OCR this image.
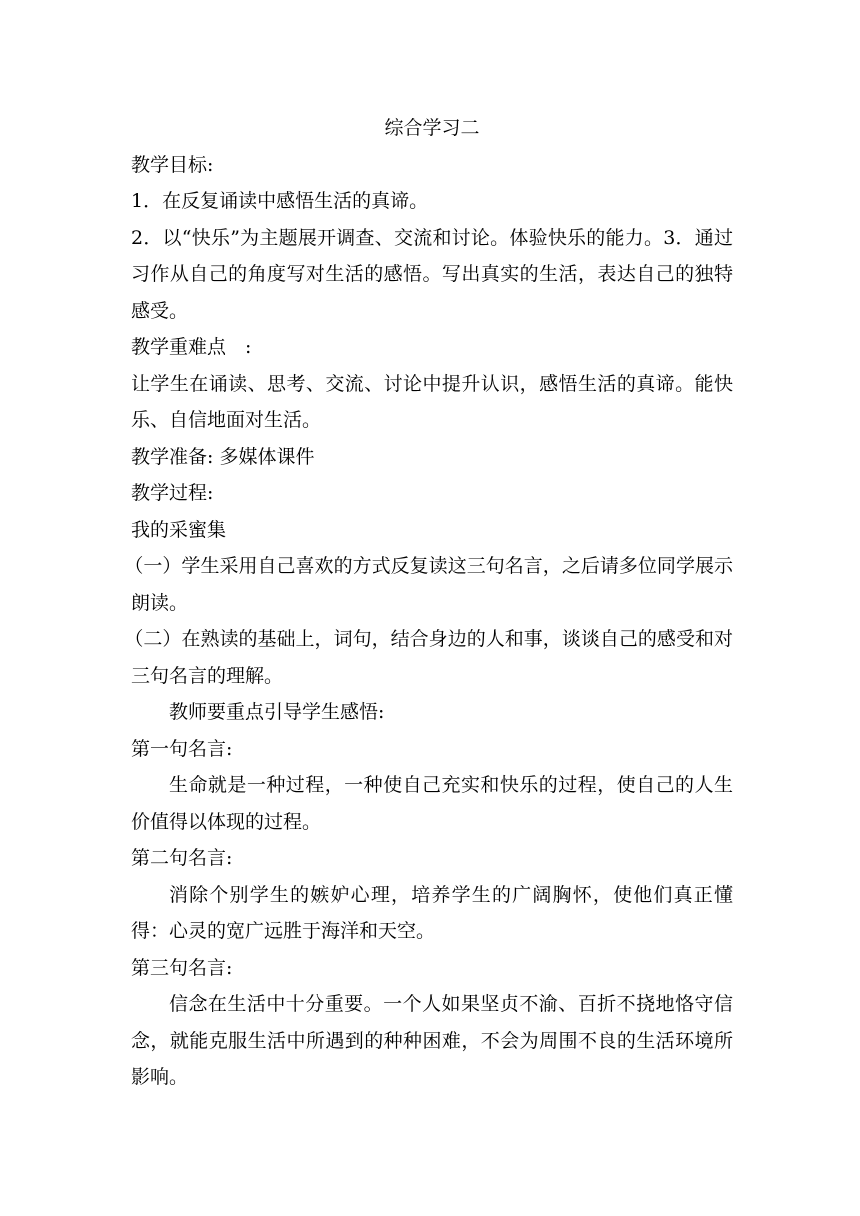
综合学习二

教学目标:

1．在反复诵读中感悟生活的真谛。

2．以“快乐”为主题展开调查、交流和讨论。体验快乐的能力。3．通过习作从自己的角度写对生活的感悟。写出真实的生活，表达自己的独特感受。

教学重难点　:

让学生在诵读、思考、交流、讨论中提升认识，感悟生活的真谛。能快乐、自信地面对生活。

教学准备: 多媒体课件

教学过程:

我的采蜜集

（一）学生采用自己喜欢的方式反复读这三句名言，之后请多位同学展示朗读。

（二）在熟读的基础上，词句，结合身边的人和事，谈谈自己的感受和对三句名言的理解。

教师要重点引导学生感悟:

第一句名言:

生命就是一种过程，一种使自己充实和快乐的过程，使自己的人生价值得以体现的过程。

第二句名言:

消除个别学生的嫉妒心理，培养学生的广阔胸怀，使他们真正懂得：心灵的宽广远胜于海洋和天空。

第三句名言:

信念在生活中十分重要。一个人如果坚贞不渝、百折不挠地恪守信念，就能克服生活中所遇到的种种困难，不会为周围不良的生活环境所影响。
